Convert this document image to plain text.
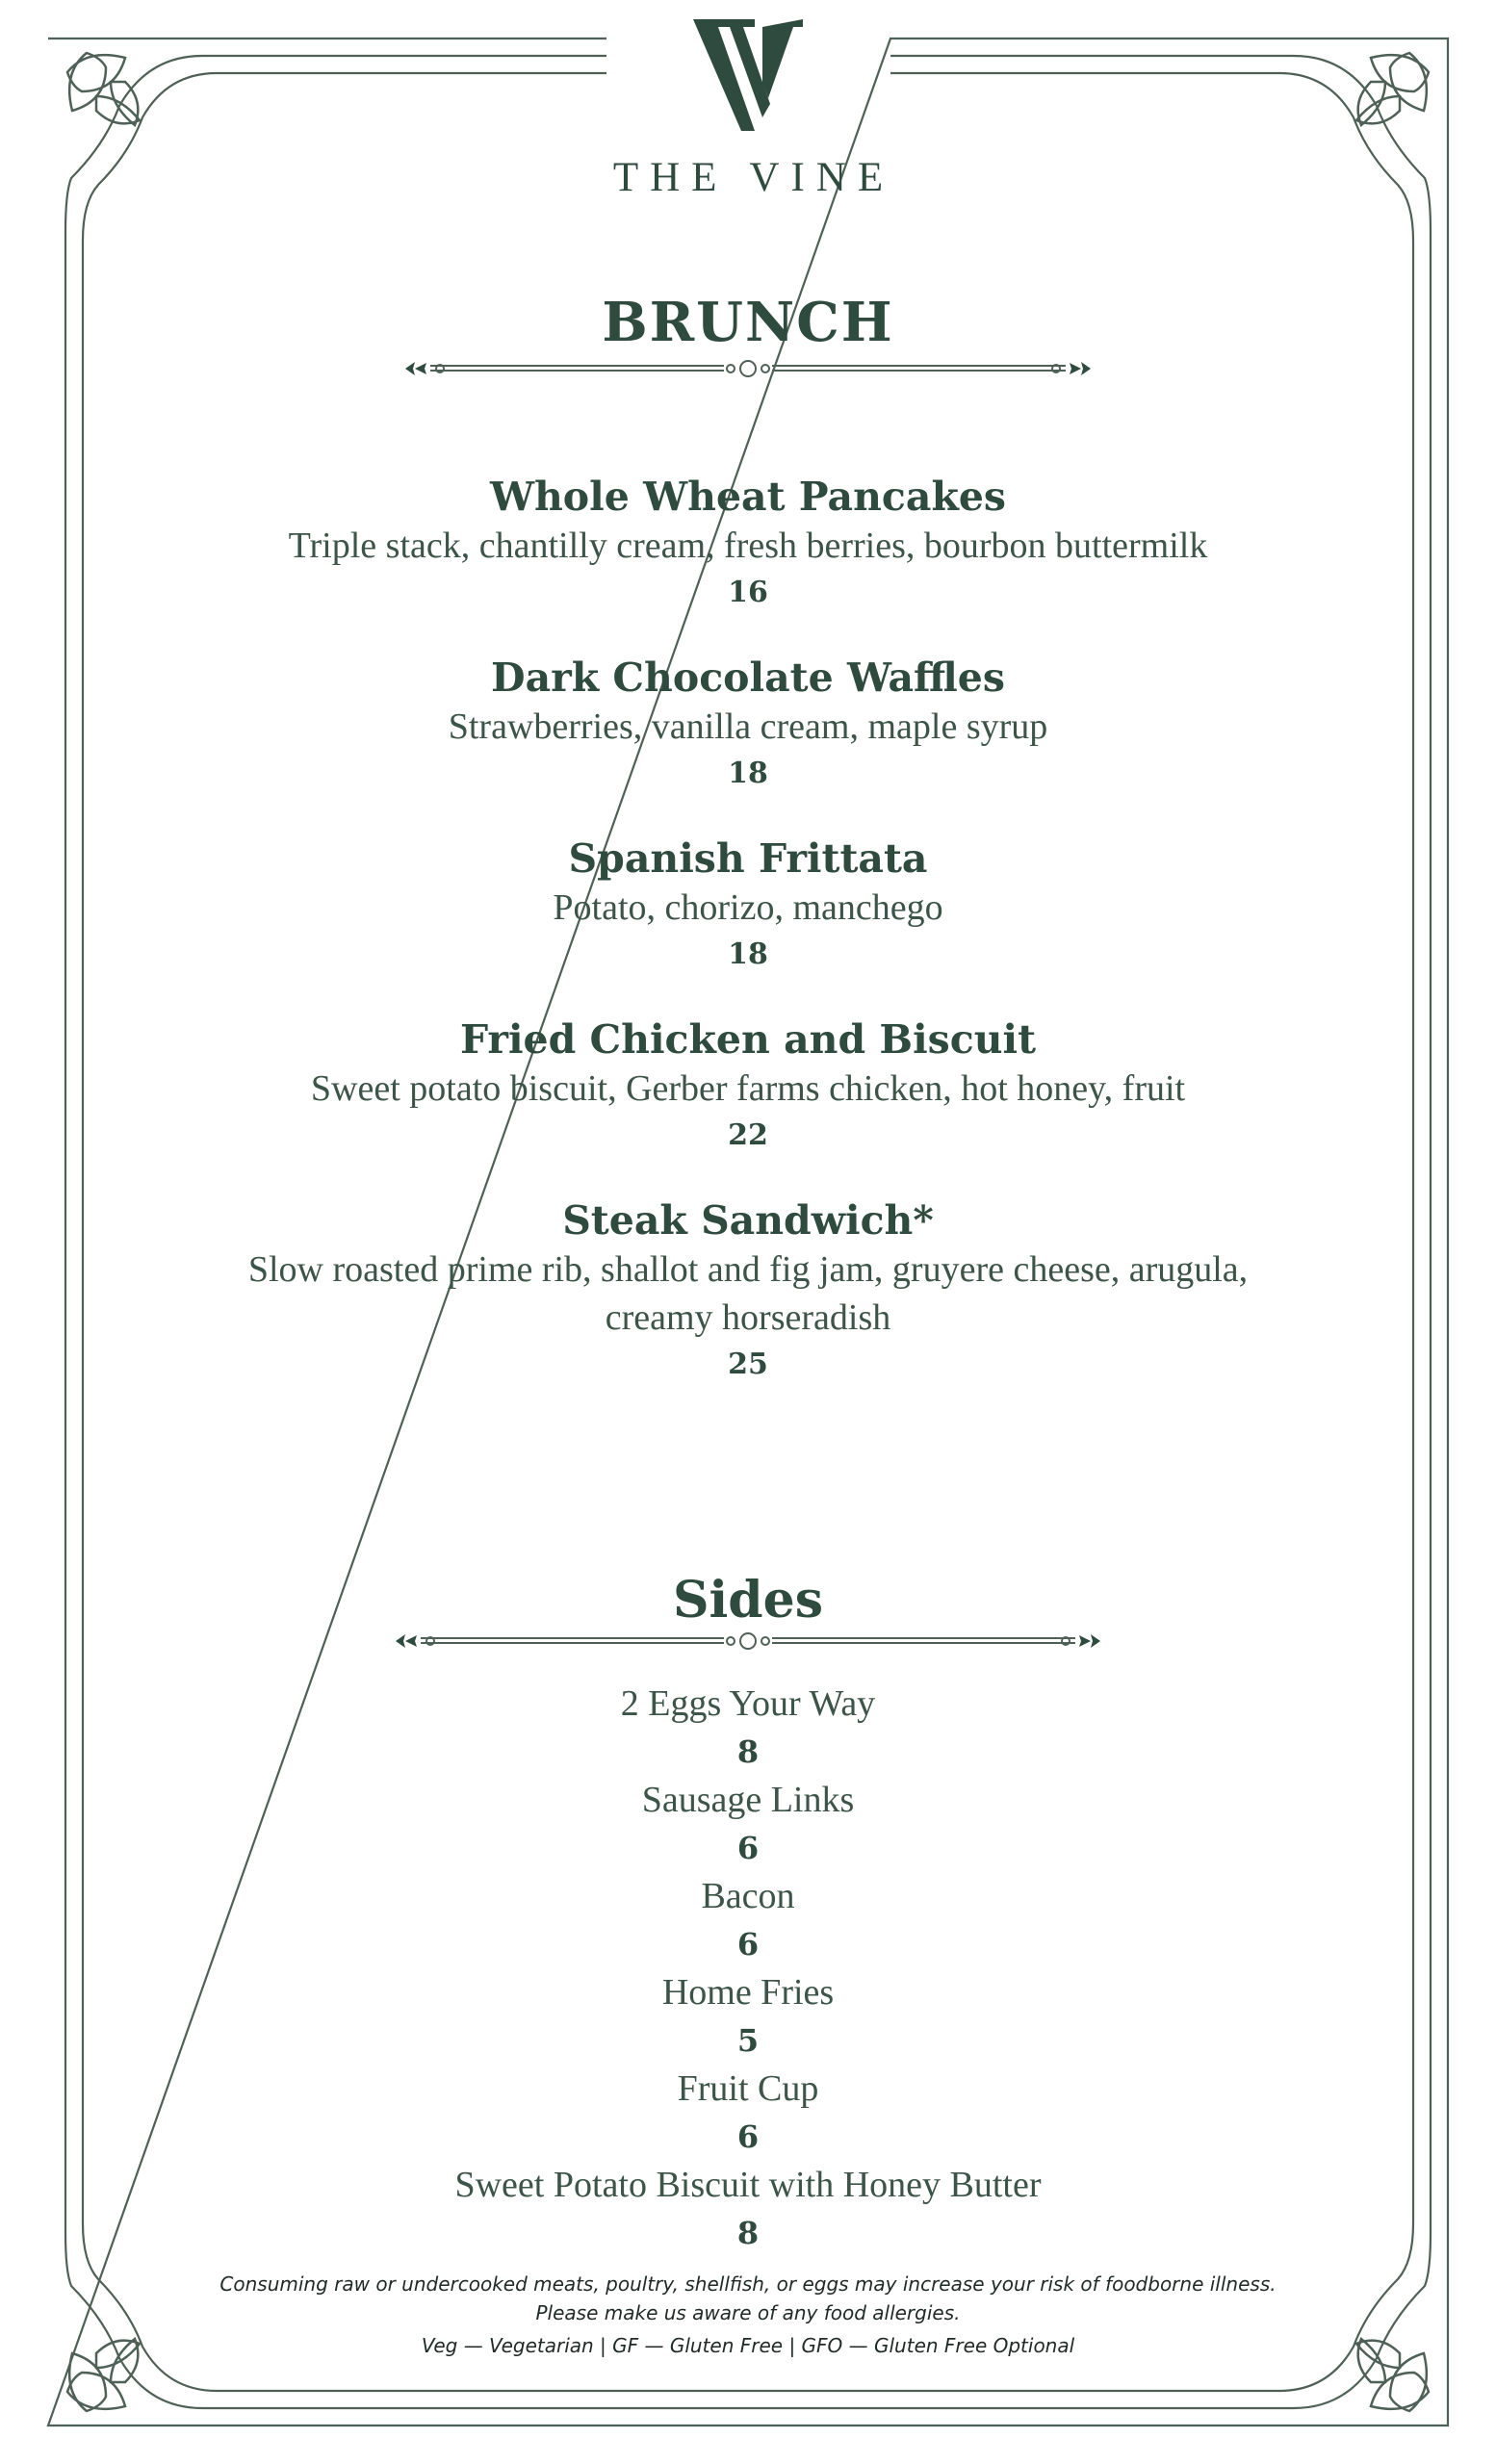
THE VINE
BRUNCH
Whole Wheat Pancakes
Triple stack, chantilly cream, fresh berries, bourbon buttermilk
16
Dark Chocolate Waffles
Strawberries, vanilla cream, maple syrup
18
Spanish Frittata
Potato, chorizo, manchego
18
Fried Chicken and Biscuit
Sweet potato biscuit, Gerber farms chicken, hot honey, fruit
22
Steak Sandwich*
Slow roasted prime rib, shallot and fig jam, gruyere cheese, arugula, creamy horseradish
25
Sides
2 Eggs Your Way
8
Sausage Links
6
Bacon
6
Home Fries
5
Fruit Cup
6
Sweet Potato Biscuit with Honey Butter
8
Consuming raw or undercooked meats, poultry, shellfish, or eggs may increase your risk of foodborne illness.
Please make us aware of any food allergies.
Veg — Vegetarian | GF — Gluten Free | GFO — Gluten Free Optional
